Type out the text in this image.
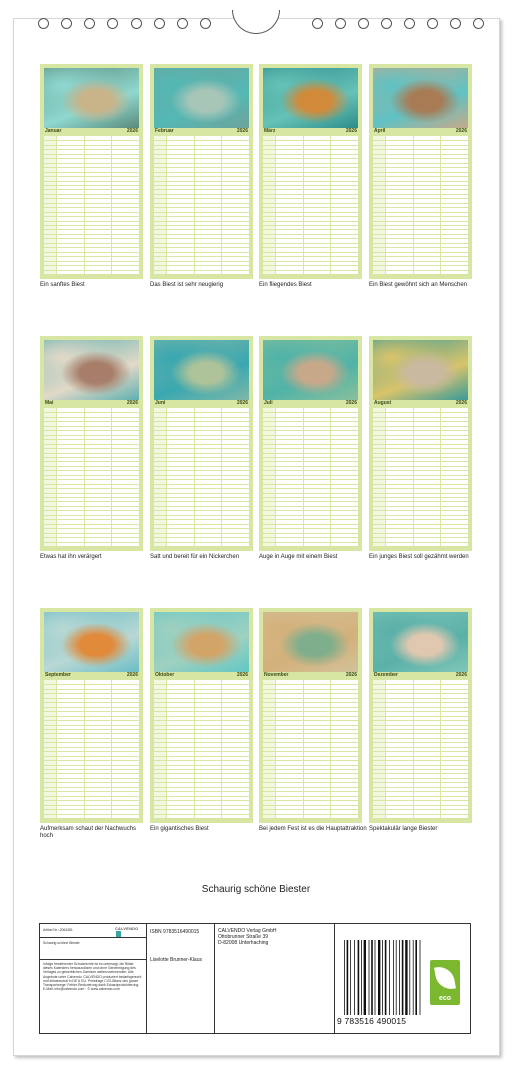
Januar	2026
Ein sanftes Biest
Februar	2026
Das Biest ist sehr neugierig
März	2026
Ein fliegendes Biest
April	2026
Ein Biest gewöhnt sich an Menschen
Mai	2026
Etwas hat ihn verärgert
Juni	2026
Satt und bereit für ein Nickerchen
Juli	2026
Auge in Auge mit einem Biest
August	2026
Ein junges Biest soll gezähmt werden
September	2026
Aufmerksam schaut der Nachwuchs hoch
Oktober	2026
Ein gigantisches Biest
November	2026
Bei jedem Fest ist es die Hauptattraktion
Dezember	2026
Spektakulär lange Biester
Schaurig schöne Biester
Artikel Nr.: 2064381	CALVENDO
Schaurig schöne Biester
Infolge bestehender Schutzrechte ist es untersagt, die Bilder dieses Kalenders herauszulösen und ohne Genehmigung des Verlages zu gewerblichen Zwecken weiterzuverwenden. Alle Angebote unter Calvendo: CALVENDO produziert bedarfsgerecht und klimaneutral in DE & EU. Preisfrage CO2-Bilanz des ganze Transportwege: Fehler-Reduzierung dank Eduardproduktierung. E-Mail: info@calvendo.com · © www.calvendo.com
ISBN 9783516490015
Liselotte Brunner-Klaus
CALVENDO Verlag GmbH
Ottobrunner Straße 39
D-82008 Unterhaching
9 783516 490015
eco
